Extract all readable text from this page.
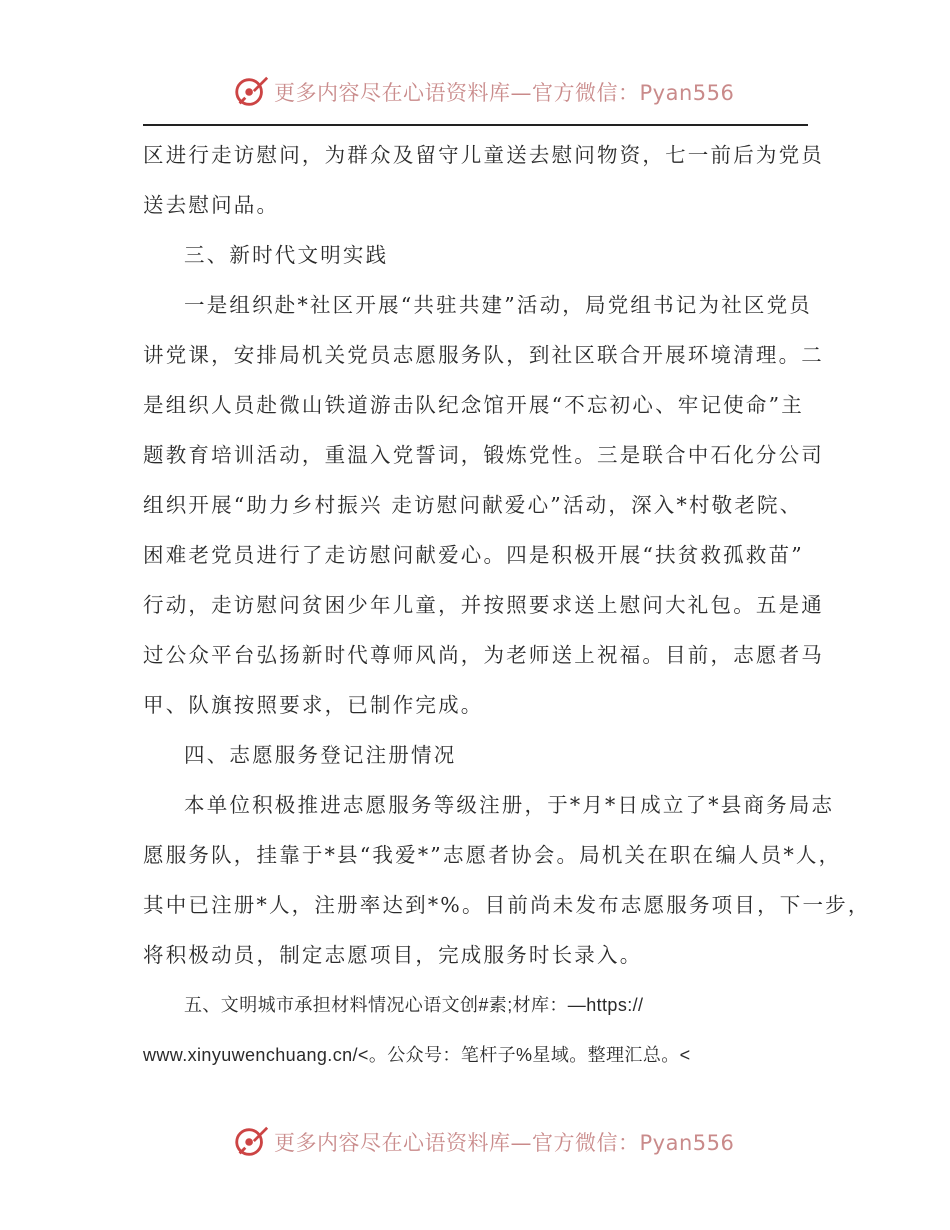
更多内容尽在心语资料库—官方微信：Pyan556
区进行走访慰问，为群众及留守儿童送去慰问物资，七一前后为党员
送去慰问品。
三、新时代文明实践
一是组织赴*社区开展“共驻共建”活动，局党组书记为社区党员
讲党课，安排局机关党员志愿服务队，到社区联合开展环境清理。二
是组织人员赴微山铁道游击队纪念馆开展“不忘初心、牢记使命”主
题教育培训活动，重温入党誓词，锻炼党性。三是联合中石化分公司
组织开展“助力乡村振兴 走访慰问献爱心”活动，深入*村敬老院、
困难老党员进行了走访慰问献爱心。四是积极开展“扶贫救孤救苗”
行动，走访慰问贫困少年儿童，并按照要求送上慰问大礼包。五是通
过公众平台弘扬新时代尊师风尚，为老师送上祝福。目前，志愿者马
甲、队旗按照要求，已制作完成。
四、志愿服务登记注册情况
本单位积极推进志愿服务等级注册，于*月*日成立了*县商务局志
愿服务队，挂靠于*县“我爱*”志愿者协会。局机关在职在编人员*人，
其中已注册*人，注册率达到*%。目前尚未发布志愿服务项目，下一步，
将积极动员，制定志愿项目，完成服务时长录入。
五、文明城市承担材料情况心语文创#素;材库：—https://
www.xinyuwenchuang.cn/<。公众号：笔杆子%星域。整理汇总。<
更多内容尽在心语资料库—官方微信：Pyan556
